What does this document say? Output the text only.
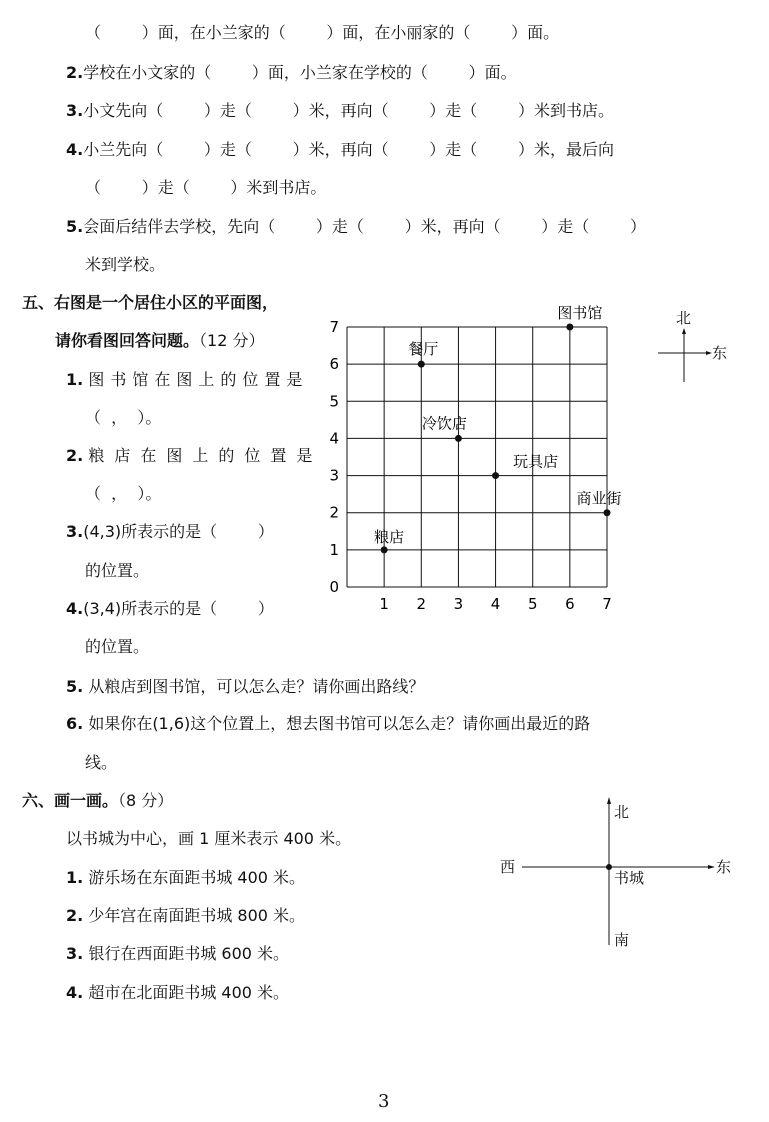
（        ）面，在小兰家的（        ）面，在小丽家的（        ）面。
2.学校在小文家的（        ）面，小兰家在学校的（        ）面。
3.小文先向（        ）走（        ）米，再向（        ）走（        ）米到书店。
4.小兰先向（        ）走（        ）米，再向（        ）走（        ）米，最后向
（        ）走（        ）米到书店。
5.会面后结伴去学校，先向（        ）走（        ）米，再向（        ）走（        ）
米到学校。
五、右图是一个居住小区的平面图，
请你看图回答问题。（12 分）
1. 图书馆在图上的位置是
（  ，  ）。
2. 粮店在图上的位置是
（  ，  ）。
3.(4,3)所表示的是（        ）
的位置。
4.(3,4)所表示的是（        ）
的位置。
5. 从粮店到图书馆，可以怎么走？请你画出路线？
6. 如果你在(1,6)这个位置上，想去图书馆可以怎么走？请你画出最近的路
线。
1 2 3 4 5 6 7
0
1
2
3
4
5
6
7
图书馆
餐厅
冷饮店
玩具店
商业街
粮店
北
东
六、画一画。（8 分）
以书城为中心，画 1 厘米表示 400 米。
1. 游乐场在东面距书城 400 米。
2. 少年宫在南面距书城 800 米。
3. 银行在西面距书城 600 米。
4. 超市在北面距书城 400 米。
北
西	东
书城
南
3
